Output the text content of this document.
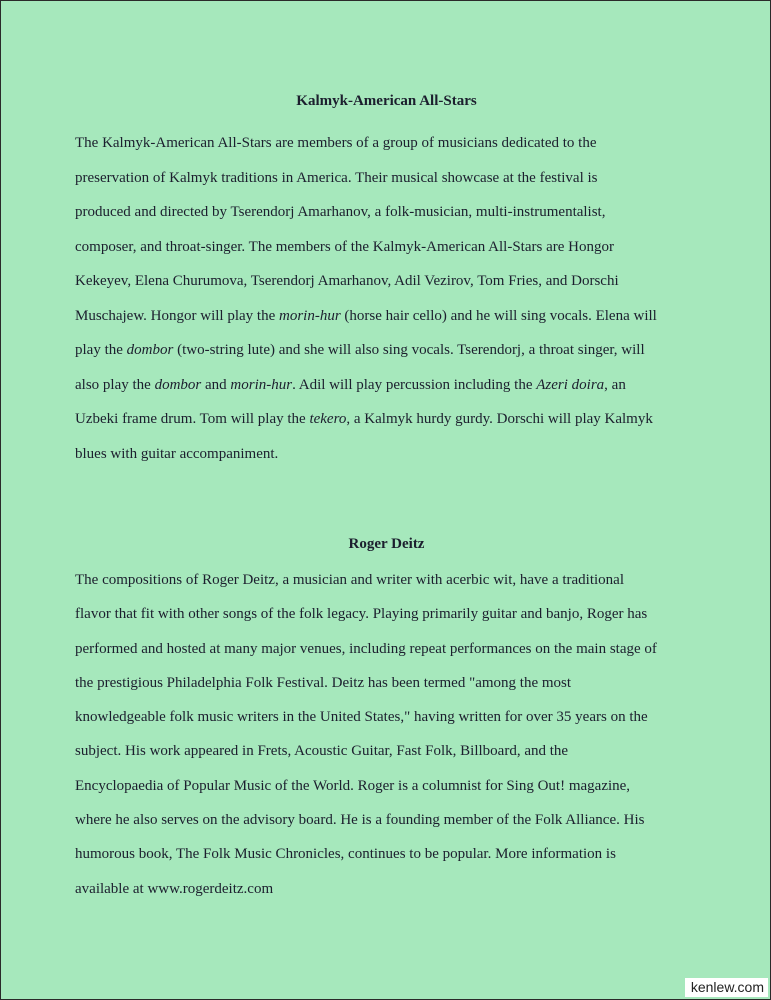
Kalmyk-American All-Stars
The Kalmyk-American All-Stars are members of a group of musicians dedicated to the
preservation of Kalmyk traditions in America. Their musical showcase at the festival is
produced and directed by Tserendorj Amarhanov, a folk-musician, multi-instrumentalist,
composer, and throat-singer. The members of the Kalmyk-American All-Stars are Hongor
Kekeyev, Elena Churumova, Tserendorj Amarhanov, Adil Vezirov, Tom Fries, and Dorschi
Muschajew. Hongor will play the morin-hur (horse hair cello) and he will sing vocals. Elena will
play the dombor (two-string lute) and she will also sing vocals. Tserendorj, a throat singer, will
also play the dombor and morin-hur. Adil will play percussion including the Azeri doira, an
Uzbeki frame drum. Tom will play the tekero, a Kalmyk hurdy gurdy. Dorschi will play Kalmyk
blues with guitar accompaniment.
Roger Deitz
The compositions of Roger Deitz, a musician and writer with acerbic wit, have a traditional
flavor that fit with other songs of the folk legacy. Playing primarily guitar and banjo, Roger has
performed and hosted at many major venues, including repeat performances on the main stage of
the prestigious Philadelphia Folk Festival. Deitz has been termed "among the most
knowledgeable folk music writers in the United States," having written for over 35 years on the
subject. His work appeared in Frets, Acoustic Guitar, Fast Folk, Billboard, and the
Encyclopaedia of Popular Music of the World. Roger is a columnist for Sing Out! magazine,
where he also serves on the advisory board. He is a founding member of the Folk Alliance. His
humorous book, The Folk Music Chronicles, continues to be popular. More information is
available at www.rogerdeitz.com
kenlew.com
